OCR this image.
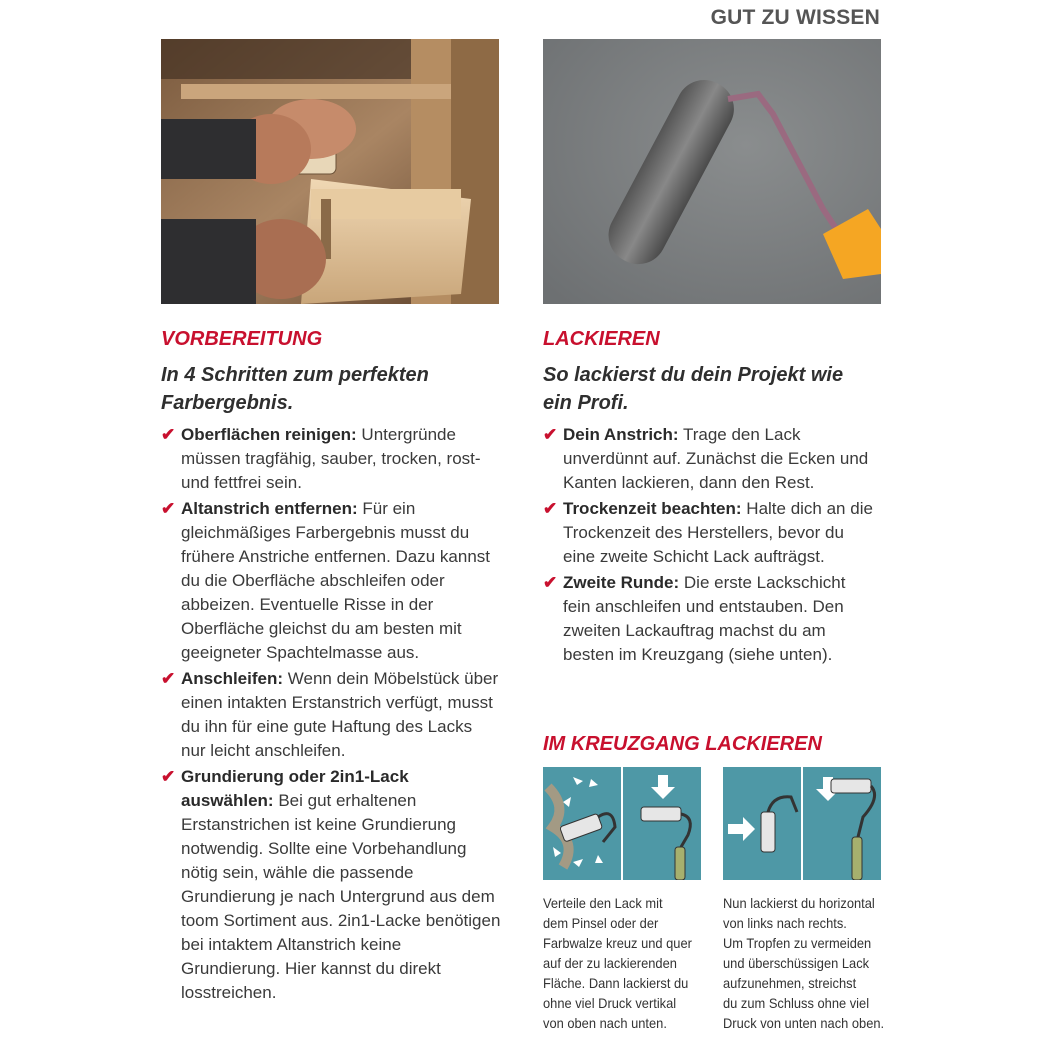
GUT ZU WISSEN
VORBEREITUNG
In 4 Schritten zum perfekten
Farbergebnis.
✔ Oberflächen reinigen: Untergründe müssen tragfähig, sauber, trocken, rost- und fettfrei sein.
✔ Altanstrich entfernen: Für ein gleichmäßiges Farbergebnis musst du frühere Anstriche entfernen. Dazu kannst du die Oberfläche abschleifen oder abbeizen. Eventuelle Risse in der Oberfläche gleichst du am besten mit geeigneter Spachtelmasse aus.
✔ Anschleifen: Wenn dein Möbelstück über einen intakten Erstanstrich verfügt, musst du ihn für eine gute Haftung des Lacks nur leicht anschleifen.
✔ Grundierung oder 2in1-Lack auswählen: Bei gut erhaltenen Erstanstrichen ist keine Grundierung notwendig. Sollte eine Vorbehandlung nötig sein, wähle die passende Grundierung je nach Untergrund aus dem toom Sortiment aus. 2in1-Lacke benötigen bei intaktem Altanstrich keine Grundierung. Hier kannst du direkt losstreichen.
LACKIEREN
So lackierst du dein Projekt wie
ein Profi.
✔ Dein Anstrich: Trage den Lack unverdünnt auf. Zunächst die Ecken und Kanten lackieren, dann den Rest.
✔ Trockenzeit beachten: Halte dich an die Trockenzeit des Herstellers, bevor du eine zweite Schicht Lack aufträgst.
✔ Zweite Runde: Die erste Lackschicht fein anschleifen und entstauben. Den zweiten Lackauftrag machst du am besten im Kreuzgang (siehe unten).
IM KREUZGANG LACKIEREN
Verteile den Lack mit
dem Pinsel oder der
Farbwalze kreuz und quer
auf der zu lackierenden
Fläche. Dann lackierst du
ohne viel Druck vertikal
von oben nach unten.
Nun lackierst du horizontal
von links nach rechts.
Um Tropfen zu vermeiden
und überschüssigen Lack
aufzunehmen, streichst
du zum Schluss ohne viel
Druck von unten nach oben.
